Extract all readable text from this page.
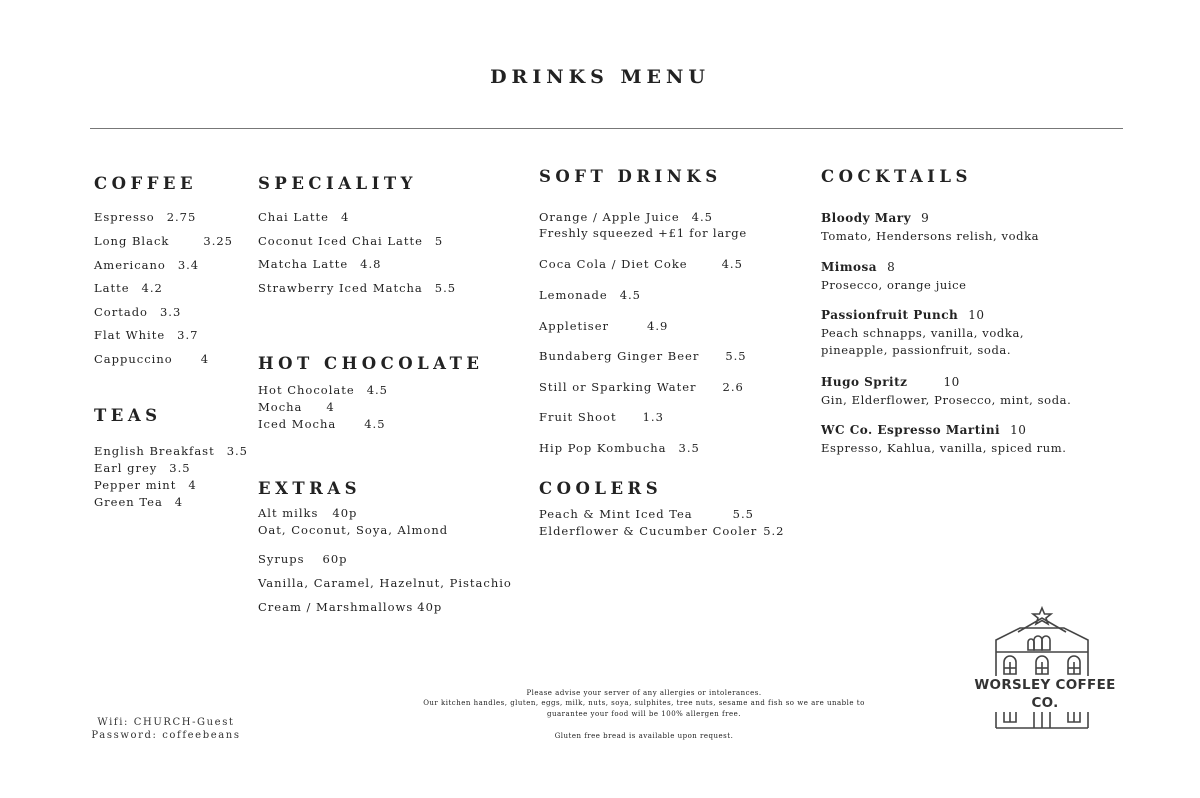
DRINKS MENU
COFFEE
Espresso 2.75
Long Black	3.25
Americano 3.4
Latte 4.2
Cortado 3.3
Flat White 3.7
Cappuccino 4
TEAS
English Breakfast 3.5
Earl grey 3.5
Pepper mint 4
Green Tea 4
SPECIALITY
Chai Latte 4
Coconut Iced Chai Latte 5
Matcha Latte 4.8
Strawberry Iced Matcha 5.5
HOT CHOCOLATE
Hot Chocolate 4.5
Mocha 4
Iced Mocha 4.5
EXTRAS
Alt milks 40p
Oat, Coconut, Soya, Almond
Syrups 60p
Vanilla, Caramel, Hazelnut, Pistachio
Cream / Marshmallows 40p
SOFT DRINKS
Orange / Apple Juice 4.5
Freshly squeezed +£1 for large
Coca Cola / Diet Coke	4.5
Lemonade 4.5
Appletiser	4.9
Bundaberg Ginger Beer 5.5
Still or Sparking Water 2.6
Fruit Shoot 1.3
Hip Pop Kombucha 3.5
COOLERS
Peach & Mint Iced Tea	5.5
Elderflower & Cucumber Cooler 5.2
COCKTAILS
Bloody Mary 9
Tomato, Hendersons relish, vodka
Mimosa 8
Prosecco, orange juice
Passionfruit Punch 10
Peach schnapps, vanilla, vodka,
pineapple, passionfruit, soda.
Hugo Spritz	10
Gin, Elderflower, Prosecco, mint, soda.
WC Co. Espresso Martini 10
Espresso, Kahlua, vanilla, spiced rum.
Please advise your server of any allergies or intolerances.
Our kitchen handles, gluten, eggs, milk, nuts, soya, sulphites, tree nuts, sesame and fish so we are unable to
guarantee your food will be 100% allergen free.
Gluten free bread is available upon request.
Wifi: CHURCH-Guest
Password: coffeebeans
WORSLEY COFFEE CO.
